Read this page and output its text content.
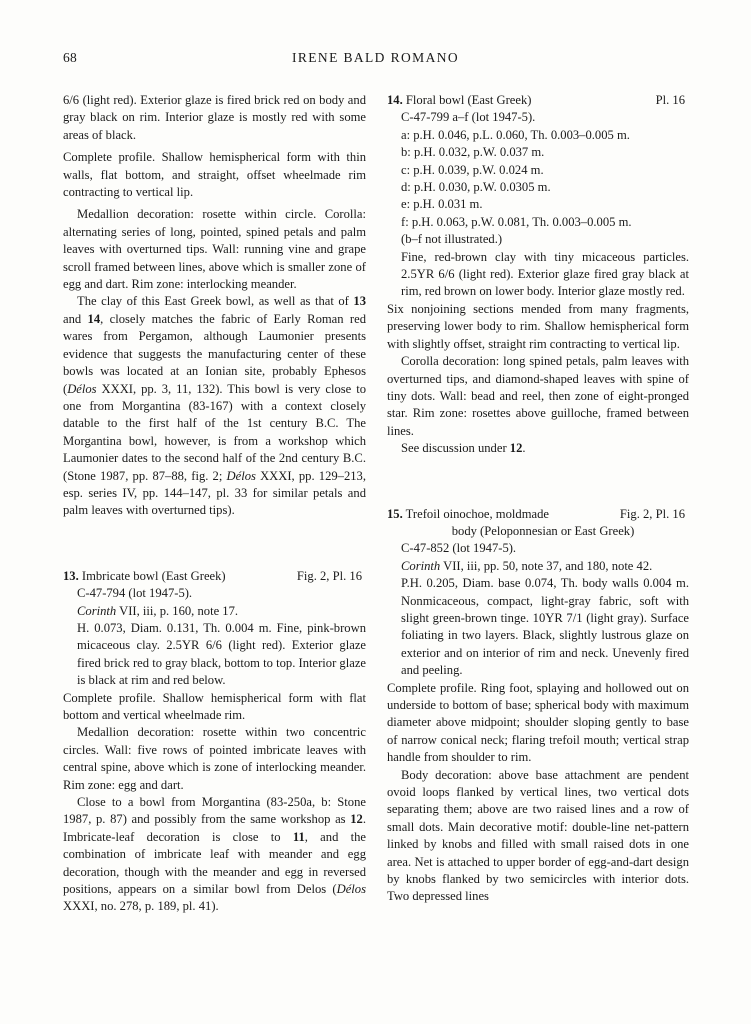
68	IRENE BALD ROMANO

6/6 (light red). Exterior glaze is fired brick red on body and gray black on rim. Interior glaze is mostly red with some areas of black.

Complete profile. Shallow hemispherical form with thin walls, flat bottom, and straight, offset wheelmade rim contracting to vertical lip.

Medallion decoration: rosette within circle. Corolla: alternating series of long, pointed, spined petals and palm leaves with overturned tips. Wall: running vine and grape scroll framed between lines, above which is smaller zone of egg and dart. Rim zone: interlocking meander.

The clay of this East Greek bowl, as well as that of 13 and 14, closely matches the fabric of Early Roman red wares from Pergamon, although Laumonier presents evidence that suggests the manufacturing center of these bowls was located at an Ionian site, probably Ephesos (Délos XXXI, pp. 3, 11, 132). This bowl is very close to one from Morgantina (83-167) with a context closely datable to the first half of the 1st century B.C. The Morgantina bowl, however, is from a workshop which Laumonier dates to the second half of the 2nd century B.C. (Stone 1987, pp. 87–88, fig. 2; Délos XXXI, pp. 129–213, esp. series IV, pp. 144–147, pl. 33 for similar petals and palm leaves with overturned tips).

13. Imbricate bowl (East Greek)	Fig. 2, Pl. 16

C-47-794 (lot 1947-5).

Corinth VII, iii, p. 160, note 17.

H. 0.073, Diam. 0.131, Th. 0.004 m. Fine, pink-brown micaceous clay. 2.5YR 6/6 (light red). Exterior glaze fired brick red to gray black, bottom to top. Interior glaze is black at rim and red below.

Complete profile. Shallow hemispherical form with flat bottom and vertical wheelmade rim.

Medallion decoration: rosette within two concentric circles. Wall: five rows of pointed imbricate leaves with central spine, above which is zone of interlocking meander. Rim zone: egg and dart.

Close to a bowl from Morgantina (83-250a, b: Stone 1987, p. 87) and possibly from the same workshop as 12. Imbricate-leaf decoration is close to 11, and the combination of imbricate leaf with meander and egg decoration, though with the meander and egg in reversed positions, appears on a similar bowl from Delos (Délos XXXI, no. 278, p. 189, pl. 41).

14. Floral bowl (East Greek)	Pl. 16

C-47-799 a–f (lot 1947-5).

a: p.H. 0.046, p.L. 0.060, Th. 0.003–0.005 m.

b: p.H. 0.032, p.W. 0.037 m.

c: p.H. 0.039, p.W. 0.024 m.

d: p.H. 0.030, p.W. 0.0305 m.

e: p.H. 0.031 m.

f: p.H. 0.063, p.W. 0.081, Th. 0.003–0.005 m.

(b–f not illustrated.)

Fine, red-brown clay with tiny micaceous particles. 2.5YR 6/6 (light red). Exterior glaze fired gray black at rim, red brown on lower body. Interior glaze mostly red.

Six nonjoining sections mended from many fragments, preserving lower body to rim. Shallow hemispherical form with slightly offset, straight rim contracting to vertical lip.

Corolla decoration: long spined petals, palm leaves with overturned tips, and diamond-shaped leaves with spine of tiny dots. Wall: bead and reel, then zone of eight-pronged star. Rim zone: rosettes above guilloche, framed between lines.

See discussion under 12.

15. Trefoil oinochoe, moldmade	Fig. 2, Pl. 16
body (Peloponnesian or East Greek)

C-47-852 (lot 1947-5).

Corinth VII, iii, pp. 50, note 37, and 180, note 42.

P.H. 0.205, Diam. base 0.074, Th. body walls 0.004 m. Nonmicaceous, compact, light-gray fabric, soft with slight green-brown tinge. 10YR 7/1 (light gray). Surface foliating in two layers. Black, slightly lustrous glaze on exterior and on interior of rim and neck. Unevenly fired and peeling.

Complete profile. Ring foot, splaying and hollowed out on underside to bottom of base; spherical body with maximum diameter above midpoint; shoulder sloping gently to base of narrow conical neck; flaring trefoil mouth; vertical strap handle from shoulder to rim.

Body decoration: above base attachment are pendent ovoid loops flanked by vertical lines, two vertical dots separating them; above are two raised lines and a row of small dots. Main decorative motif: double-line net-pattern linked by knobs and filled with small raised dots in one area. Net is attached to upper border of egg-and-dart design by knobs flanked by two semicircles with interior dots. Two depressed lines
